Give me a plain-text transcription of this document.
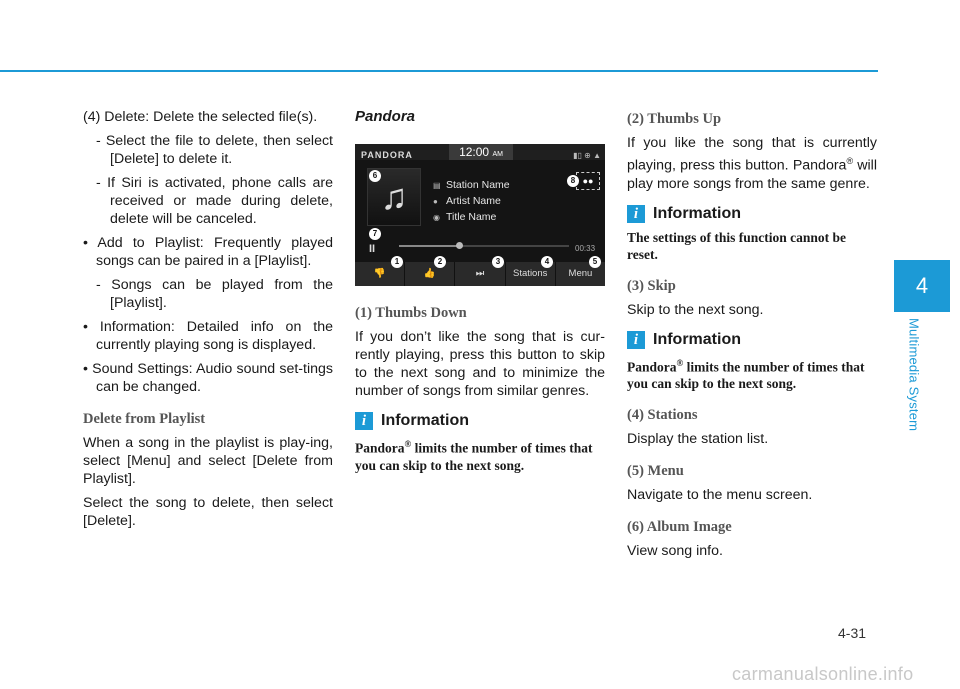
4
Multimedia System
(4) Delete: Delete the selected file(s).
- Select the file to delete, then select [Delete] to delete it.
- If Siri is activated, phone calls are received or made during delete, delete will be canceled.
• Add to Playlist: Frequently played songs can be paired in a [Playlist].
- Songs can be played from the [Playlist].
• Information: Detailed info on the currently playing song is displayed.
• Sound Settings: Audio sound set-tings can be changed.
Delete from Playlist
When a song in the playlist is play-ing, select [Menu] and select [Delete from Playlist].
Select the song to delete, then select [Delete].
Pandora
PANDORA	12:00 AM	▮▯ ⊕ ▲
♫	▤ Station Name
● Artist Name
◉ Title Name
●●
II	00:33
👎	👍	⏭	Stations Menu
6
7
8
1	2	3	4	5
(1) Thumbs Down
If you don’t like the song that is cur-rently playing, press this button to skip to the next song and to minimize the number of songs from similar genres.
i Information
Pandora® limits the number of times that you can skip to the next song.
(2) Thumbs Up
If you like the song that is currently playing, press this button. Pandora® will play more songs from the same genre.
i Information
The settings of this function cannot be reset.
(3) Skip
Skip to the next song.
i Information
Pandora® limits the number of times that you can skip to the next song.
(4) Stations
Display the station list.
(5) Menu
Navigate to the menu screen.
(6) Album Image
View song info.
4-31
carmanualsonline.info
